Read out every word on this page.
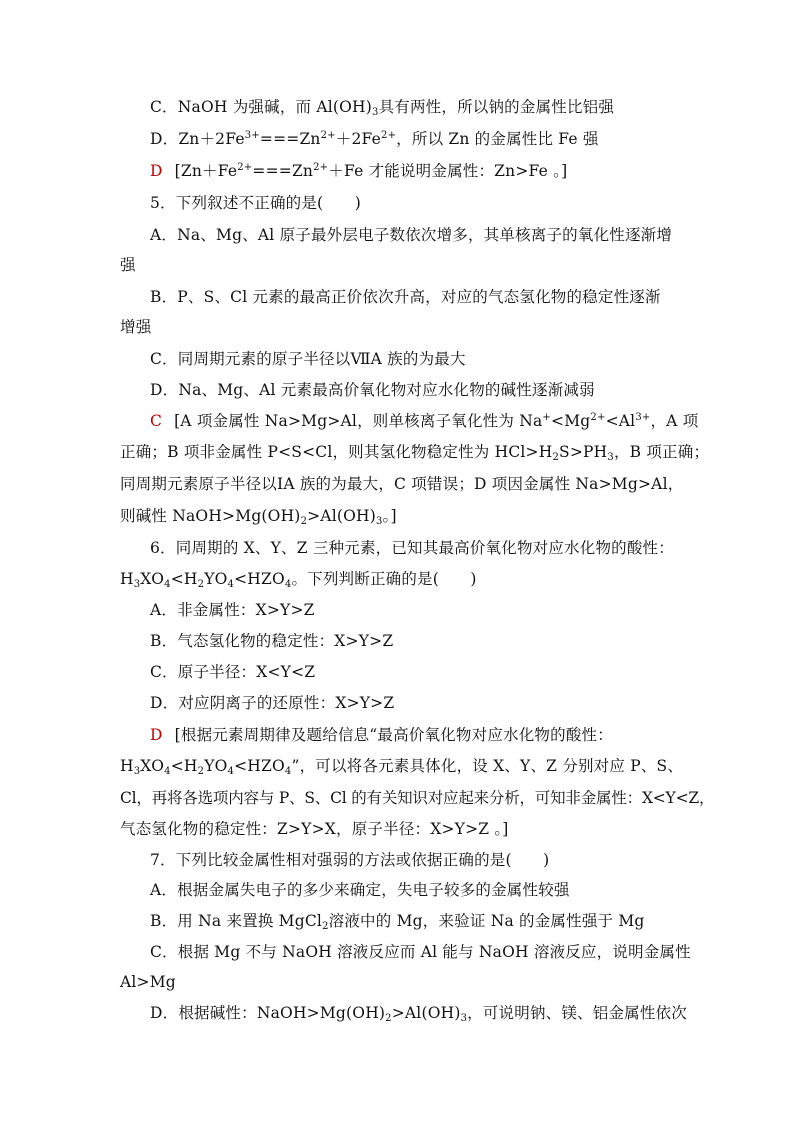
C．NaOH 为强碱，而 $Al(OH)_3$具有两性，所以钠的金属性比铝强
D．$Zn+2Fe^{3+}===Zn^{2+}+2Fe^{2+}$，所以 Zn 的金属性比 Fe 强
D [$Zn+Fe^{2+}===Zn^{2+}+Fe$ 才能说明金属性：Zn>Fe 。]
5．下列叙述不正确的是(　　)
A．Na、Mg、Al 原子最外层电子数依次增多，其单核离子的氧化性逐渐增
强
B．P、S、Cl 元素的最高正价依次升高，对应的气态氢化物的稳定性逐渐
增强
C．同周期元素的原子半径以ⅦA 族的为最大
D．Na、Mg、Al 元素最高价氧化物对应水化物的碱性逐渐减弱
C [A 项金属性 Na>Mg>Al，则单核离子氧化性为 $Na^+<Mg^{2+}<Al^{3+}$，A 项
正确；B 项非金属性 P<S<Cl，则其氢化物稳定性为 $HCl>H_2S>PH_3$，B 项正确；
同周期元素原子半径以ⅠA 族的为最大，C 项错误；D 项因金属性 Na>Mg>Al，
则碱性 $NaOH>Mg(OH)_2>Al(OH)_3$。]
6．同周期的 X、Y、Z 三种元素，已知其最高价氧化物对应水化物的酸性：
$H_3XO_4<H_2YO_4<HZO_4$。下列判断正确的是(　　)
A．非金属性：X>Y>Z
B．气态氢化物的稳定性：X>Y>Z
C．原子半径：X<Y<Z
D．对应阴离子的还原性：X>Y>Z
D [根据元素周期律及题给信息“最高价氧化物对应水化物的酸性：
$H_3XO_4<H_2YO_4<HZO_4$”，可以将各元素具体化，设 X、Y、Z 分别对应 P、S、
Cl，再将各选项内容与 P、S、Cl 的有关知识对应起来分析，可知非金属性：X<Y<Z，
气态氢化物的稳定性：Z>Y>X，原子半径：X>Y>Z 。]
7．下列比较金属性相对强弱的方法或依据正确的是(　　)
A．根据金属失电子的多少来确定，失电子较多的金属性较强
B．用 Na 来置换 MgCl$_2$溶液中的 Mg，来验证 Na 的金属性强于 Mg
C．根据 Mg 不与 NaOH 溶液反应而 Al 能与 NaOH 溶液反应，说明金属性
Al>Mg
D．根据碱性：$NaOH>Mg(OH)_2>Al(OH)_3$，可说明钠、镁、铝金属性依次
